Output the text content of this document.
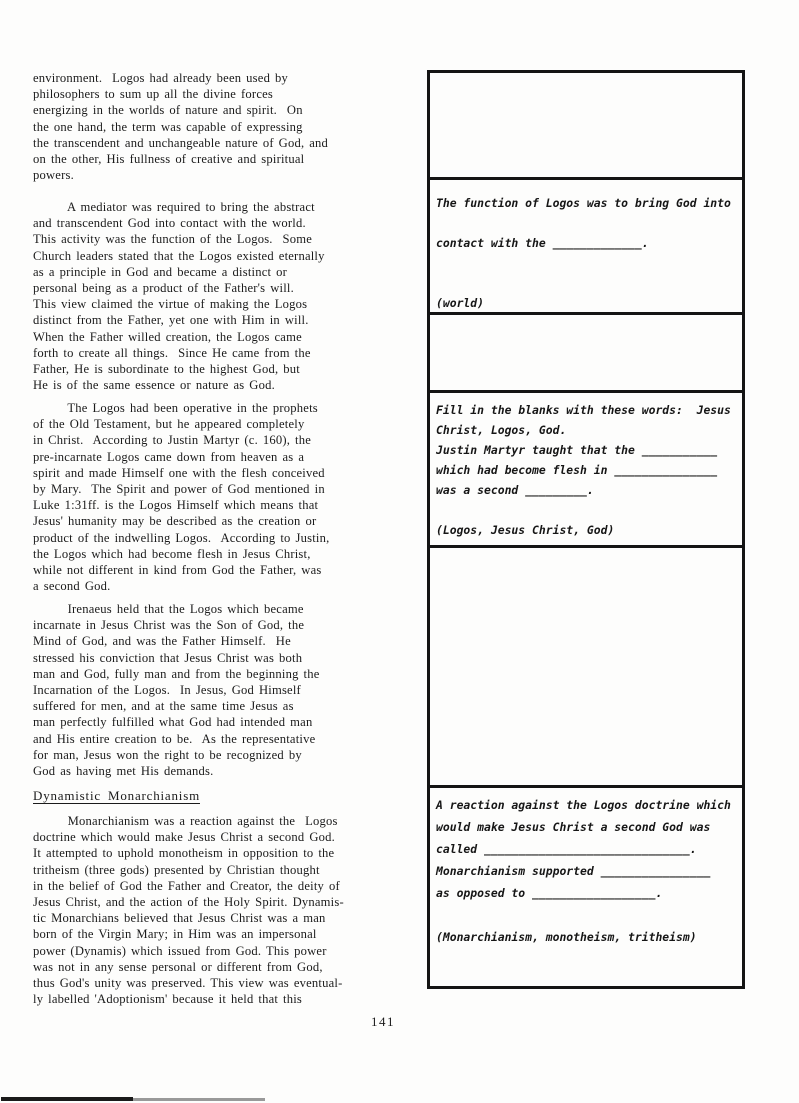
environment.  Logos had already been used by
philosophers to sum up all the divine forces
energizing in the worlds of nature and spirit.  On
the one hand, the term was capable of expressing
the transcendent and unchangeable nature of God, and
on the other, His fullness of creative and spiritual
powers.
A mediator was required to bring the abstract
and transcendent God into contact with the world.
This activity was the function of the Logos.  Some
Church leaders stated that the Logos existed eternally
as a principle in God and became a distinct or
personal being as a product of the Father's will.
This view claimed the virtue of making the Logos
distinct from the Father, yet one with Him in will.
When the Father willed creation, the Logos came
forth to create all things.  Since He came from the
Father, He is subordinate to the highest God, but
He is of the same essence or nature as God.
The Logos had been operative in the prophets
of the Old Testament, but he appeared completely
in Christ.  According to Justin Martyr (c. 160), the
pre-incarnate Logos came down from heaven as a
spirit and made Himself one with the flesh conceived
by Mary.  The Spirit and power of God mentioned in
Luke 1:31ff. is the Logos Himself which means that
Jesus' humanity may be described as the creation or
product of the indwelling Logos.  According to Justin,
the Logos which had become flesh in Jesus Christ,
while not different in kind from God the Father, was
a second God.
Irenaeus held that the Logos which became
incarnate in Jesus Christ was the Son of God, the
Mind of God, and was the Father Himself.  He
stressed his conviction that Jesus Christ was both
man and God, fully man and from the beginning the
Incarnation of the Logos.  In Jesus, God Himself
suffered for men, and at the same time Jesus as
man perfectly fulfilled what God had intended man
and His entire creation to be.  As the representative
for man, Jesus won the right to be recognized by
God as having met His demands.
Dynamistic Monarchianism
Monarchianism was a reaction against the  Logos
doctrine which would make Jesus Christ a second God.
It attempted to uphold monotheism in opposition to the
tritheism (three gods) presented by Christian thought
in the belief of God the Father and Creator, the deity of
Jesus Christ, and the action of the Holy Spirit. Dynamis-
tic Monarchians believed that Jesus Christ was a man
born of the Virgin Mary; in Him was an impersonal
power (Dynamis) which issued from God. This power
was not in any sense personal or different from God,
thus God's unity was preserved. This view was eventual-
ly labelled 'Adoptionism' because it held that this
The function of Logos was to bring God into

contact with the _____________.

(world)
Fill in the blanks with these words:  Jesus
Christ, Logos, God.
Justin Martyr taught that the ___________
which had become flesh in _______________
was a second _________.

(Logos, Jesus Christ, God)
A reaction against the Logos doctrine which
would make Jesus Christ a second God was
called ______________________________.
Monarchianism supported ________________
as opposed to __________________.

(Monarchianism, monotheism, tritheism)
141
